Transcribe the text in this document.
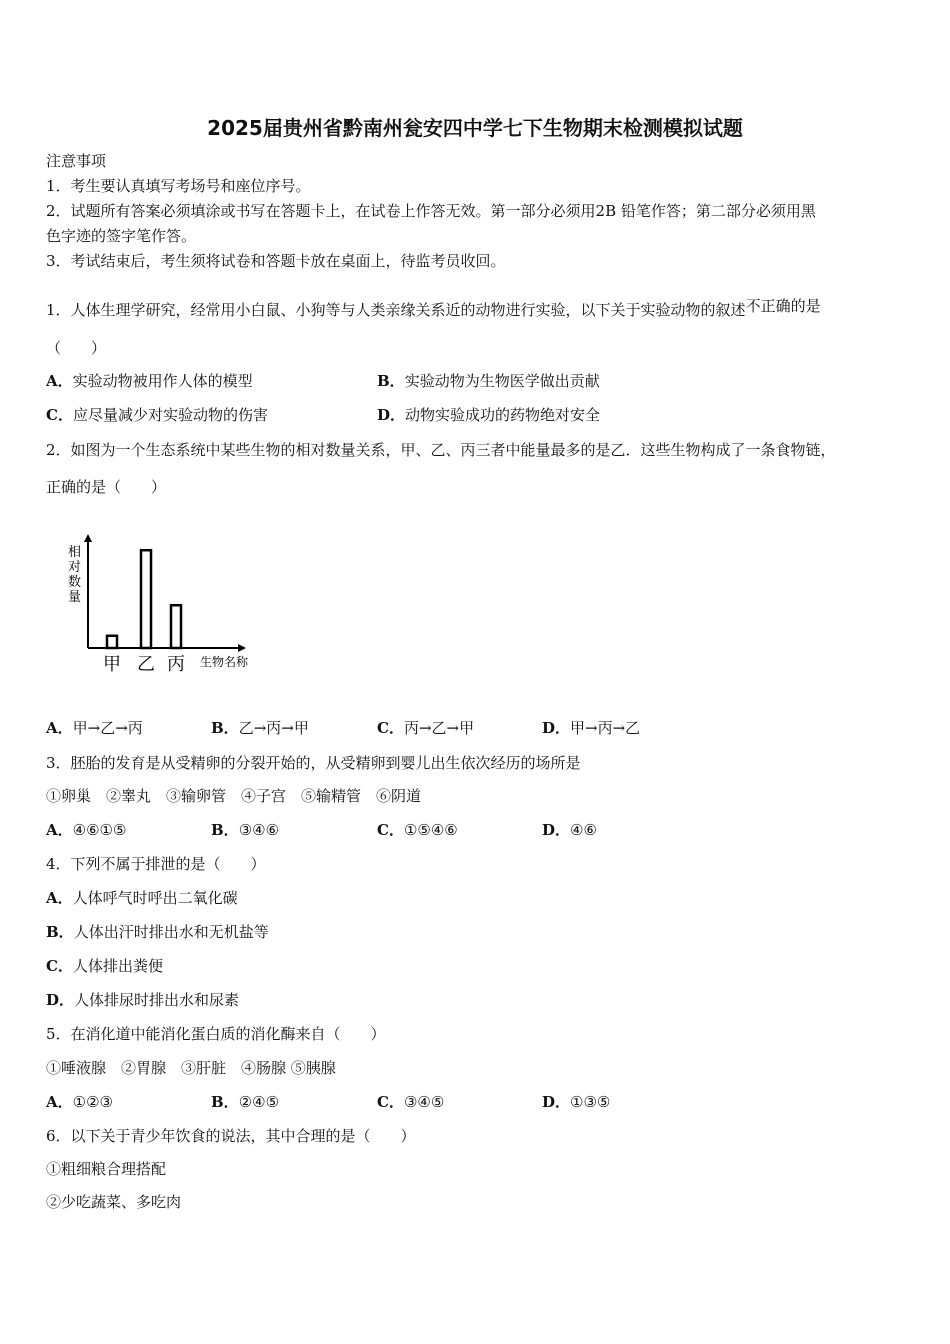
2025届贵州省黔南州瓮安四中学七下生物期末检测模拟试题
注意事项
1．考生要认真填写考场号和座位序号。
2．试题所有答案必须填涂或书写在答题卡上，在试卷上作答无效。第一部分必须用2B 铅笔作答；第二部分必须用黑
色字迹的签字笔作答。
3．考试结束后，考生须将试卷和答题卡放在桌面上，待监考员收回。
1．人体生理学研究，经常用小白鼠、小狗等与人类亲缘关系近的动物进行实验，以下关于实验动物的叙述不正确的是
（　　）
A．实验动物被用作人体的模型	B．实验动物为生物医学做出贡献
C．应尽量减少对实验动物的伤害	D．动物实验成功的药物绝对安全
2．如图为一个生态系统中某些生物的相对数量关系，甲、乙、丙三者中能量最多的是乙．这些生物构成了一条食物链，
正确的是（　　）
甲 乙 丙 生物名称
相对数量
A．甲→乙→丙	B．乙→丙→甲	C．丙→乙→甲	D．甲→丙→乙
3．胚胎的发育是从受精卵的分裂开始的，从受精卵到婴儿出生依次经历的场所是
①卵巢　②睾丸　③输卵管　④子宫　⑤输精管　⑥阴道
A．④⑥①⑤	B．③④⑥	C．①⑤④⑥	D．④⑥
4．下列不属于排泄的是（　　）
A．人体呼气时呼出二氧化碳
B．人体出汗时排出水和无机盐等
C．人体排出粪便
D．人体排尿时排出水和尿素
5．在消化道中能消化蛋白质的消化酶来自（　　）
①唾液腺　②胃腺　③肝脏　④肠腺 ⑤胰腺
A．①②③	B．②④⑤	C．③④⑤	D．①③⑤
6．以下关于青少年饮食的说法，其中合理的是（　　）
①粗细粮合理搭配
②少吃蔬菜、多吃肉
